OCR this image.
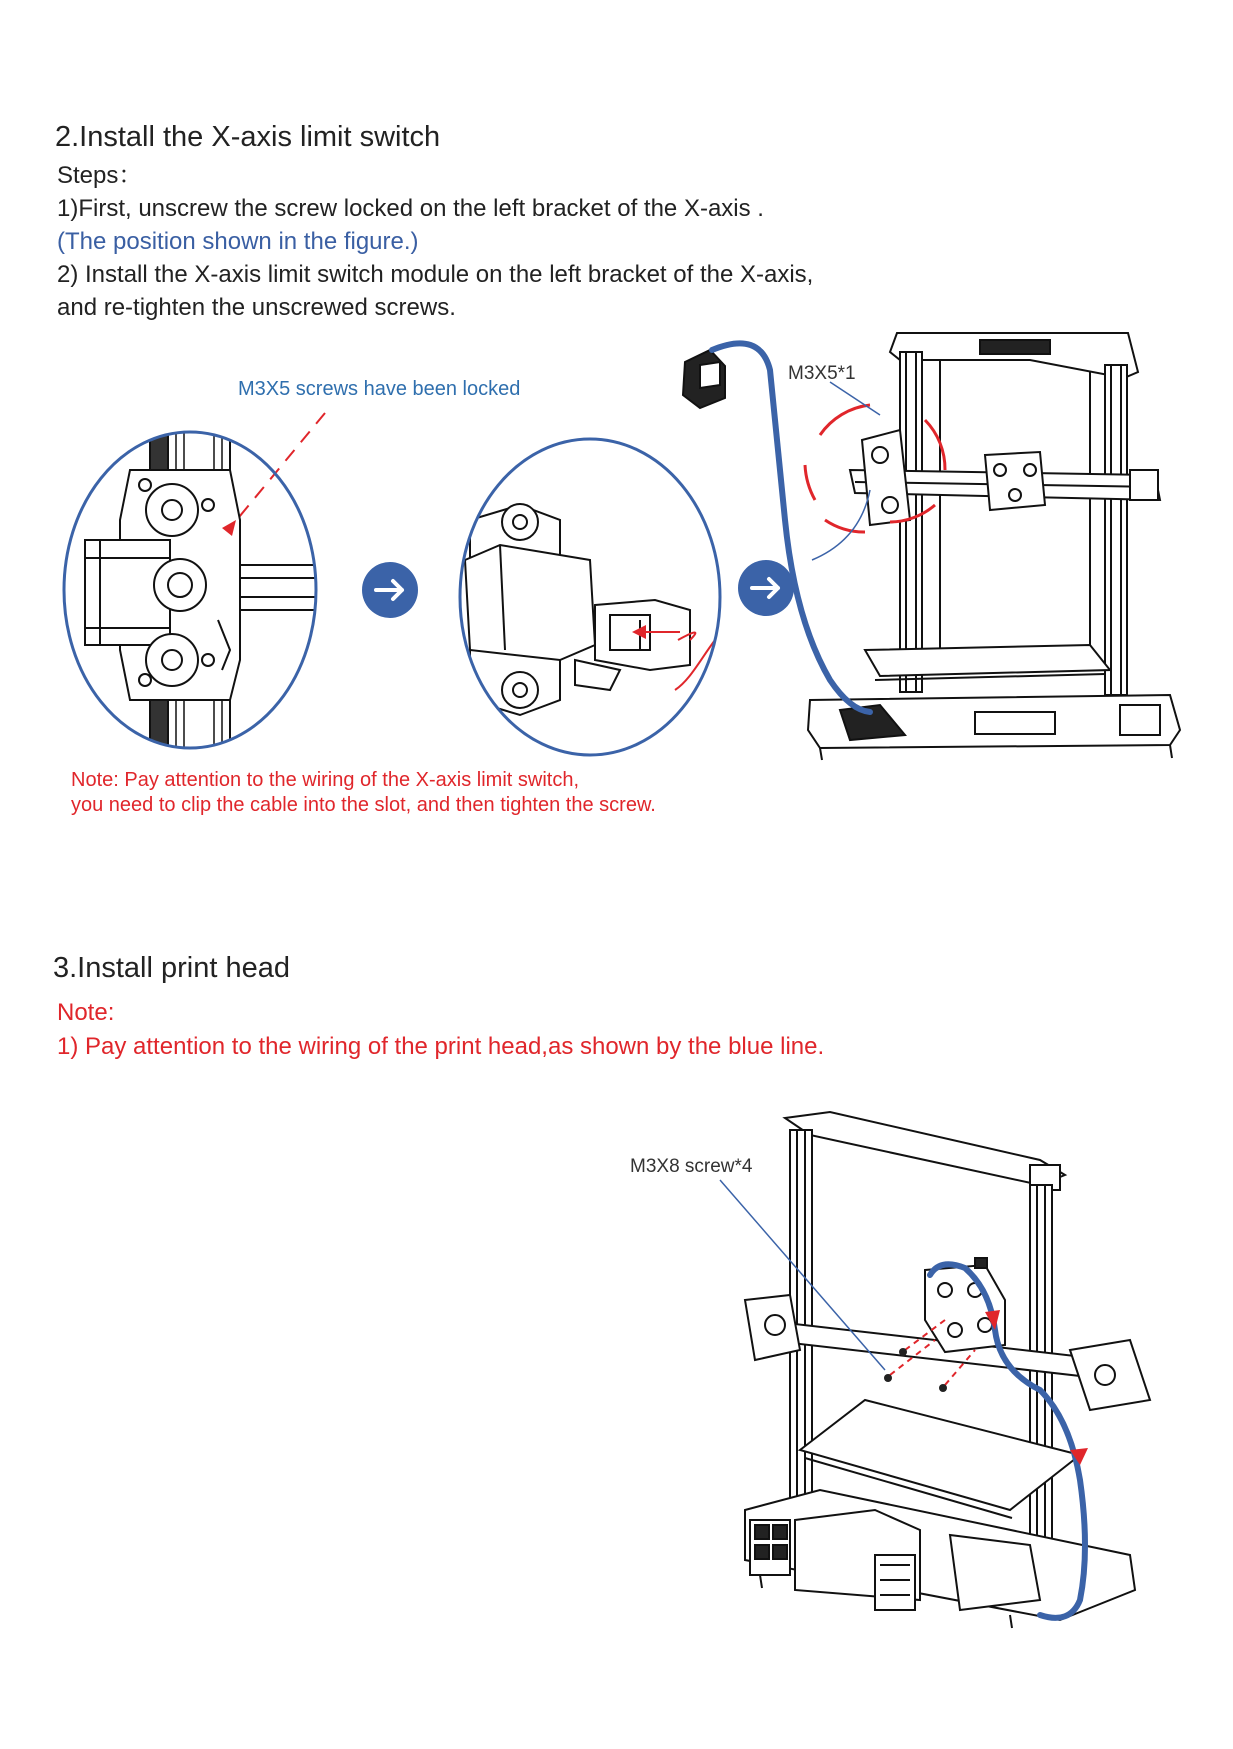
2.Install the X-axis limit switch
Steps：
1)First, unscrew the screw locked on the left bracket of the X-axis .
(The position shown in the figure.)
2) Install the X-axis limit switch module on the left bracket of the X-axis,
and re-tighten the unscrewed screws.
M3X5 screws have been locked
M3X5*1
Note: Pay attention to the wiring of the X-axis limit switch,
you need to clip the cable into the slot, and then tighten the screw.
3.Install print head
Note:
1) Pay attention to the wiring of the print head,as shown by the blue line.
M3X8 screw*4
